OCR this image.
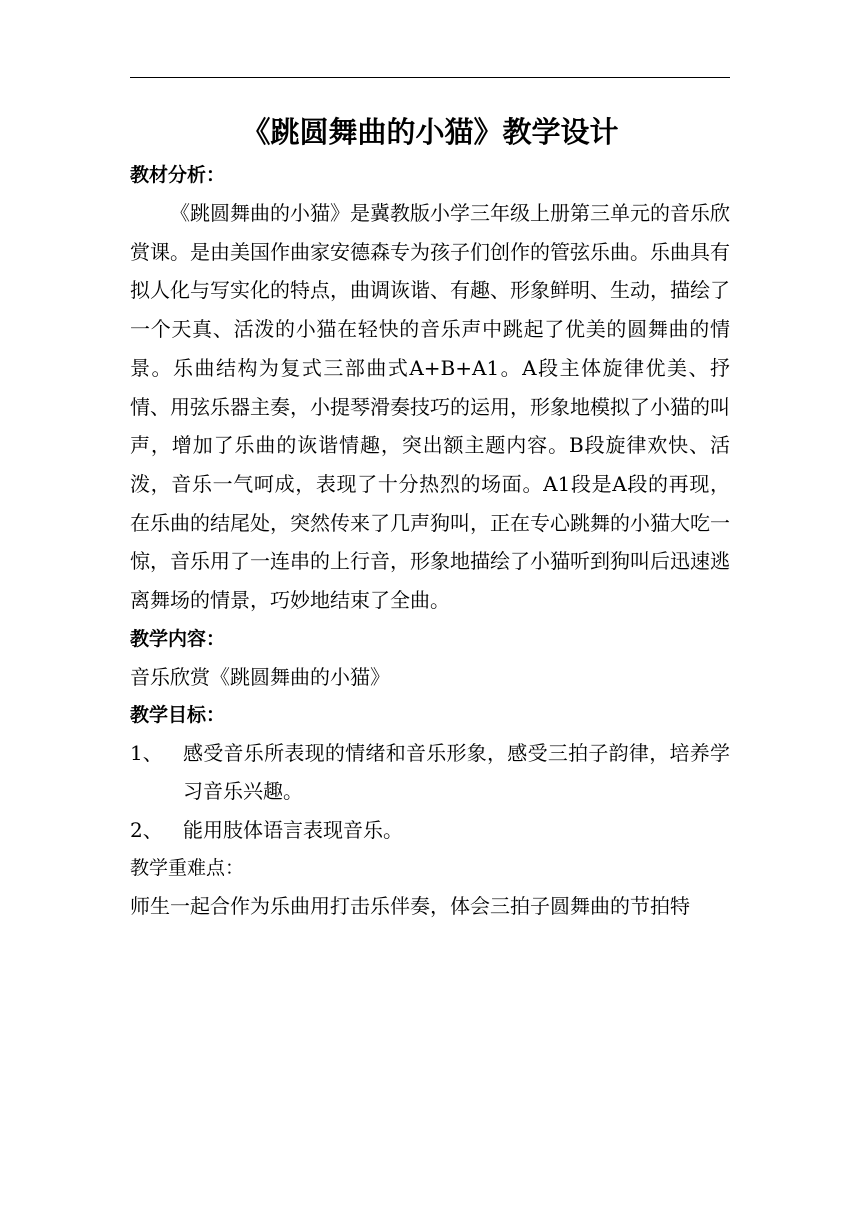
《跳圆舞曲的小猫》教学设计
教材分析：

《跳圆舞曲的小猫》是冀教版小学三年级上册第三单元的音乐欣赏课。是由美国作曲家安德森专为孩子们创作的管弦乐曲。乐曲具有拟人化与写实化的特点，曲调诙谐、有趣、形象鲜明、生动，描绘了一个天真、活泼的小猫在轻快的音乐声中跳起了优美的圆舞曲的情景。乐曲结构为复式三部曲式A+B+A1。A段主体旋律优美、抒情、用弦乐器主奏，小提琴滑奏技巧的运用，形象地模拟了小猫的叫声，增加了乐曲的诙谐情趣，突出额主题内容。B段旋律欢快、活泼，音乐一气呵成，表现了十分热烈的场面。A1段是A段的再现，在乐曲的结尾处，突然传来了几声狗叫，正在专心跳舞的小猫大吃一惊，音乐用了一连串的上行音，形象地描绘了小猫听到狗叫后迅速逃离舞场的情景，巧妙地结束了全曲。

教学内容：

音乐欣赏《跳圆舞曲的小猫》

教学目标：
1、	感受音乐所表现的情绪和音乐形象，感受三拍子韵律，培养学习音乐兴趣。
2、	能用肢体语言表现音乐。
教学重难点：

师生一起合作为乐曲用打击乐伴奏，体会三拍子圆舞曲的节拍特
